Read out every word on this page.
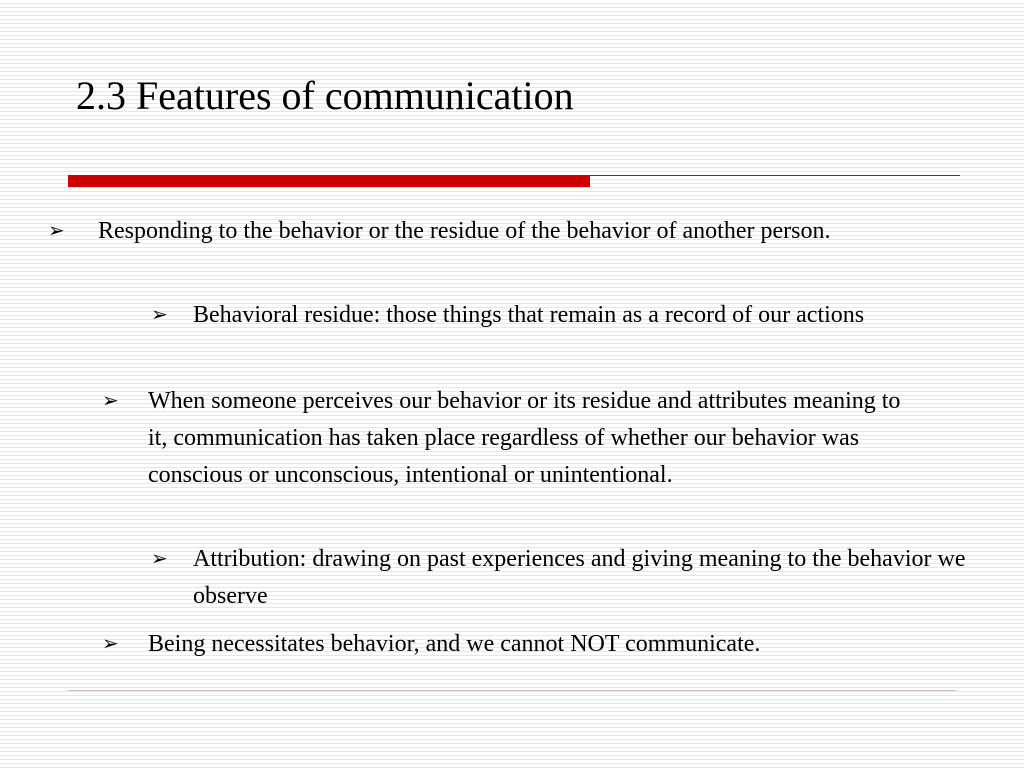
2.3 Features of communication
➢ Responding to the behavior or the residue of the behavior of another person.
➢ Behavioral residue: those things that remain as a record of our actions
➢ When someone perceives our behavior or its residue and attributes meaning to it, communication has taken place regardless of whether our behavior was conscious or unconscious, intentional or unintentional.
➢ Attribution: drawing on past experiences and giving meaning to the behavior we observe
➢ Being necessitates behavior, and we cannot NOT communicate.
